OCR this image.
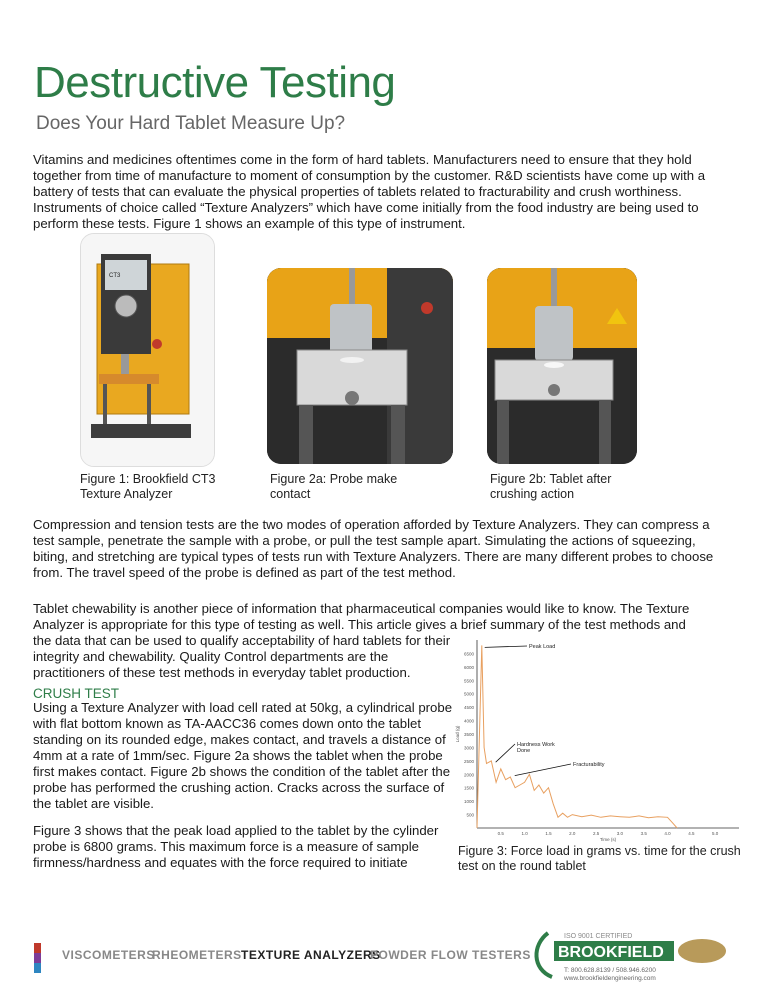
Destructive Testing
Does Your Hard Tablet Measure Up?
Vitamins and medicines oftentimes come in the form of hard tablets. Manufacturers need to ensure that they hold together from time of manufacture to moment of consumption by the customer. R&D scientists have come up with a battery of tests that can evaluate the physical properties of tablets related to fracturability and crush worthiness. Instruments of choice called “Texture Analyzers” which have come initially from the food industry are being used to perform these tests. Figure 1 shows an example of this type of instrument.
CT3
Figure 1: Brookfield CT3 Texture Analyzer
Figure 2a: Probe make contact
Figure 2b: Tablet after crushing action
Compression and tension tests are the two modes of operation afforded by Texture Analyzers. They can compress a test sample, penetrate the sample with a probe, or pull the test sample apart. Simulating the actions of squeezing, biting, and stretching are typical types of tests run with Texture Analyzers. There are many different probes to choose from. The travel speed of the probe is defined as part of the test method.
Tablet chewability is another piece of information that pharmaceutical companies would like to know. The Texture Analyzer is appropriate for this type of testing as well. This article gives a brief summary of the test methods and
the data that can be used to qualify acceptability of hard tablets for their integrity and chewability. Quality Control departments are the practitioners of these test methods in everyday tablet production.
CRUSH TEST
Using a Texture Analyzer with load cell rated at 50kg, a cylindrical probe with flat bottom known as TA-AACC36 comes down onto the tablet standing on its rounded edge, makes contact, and travels a distance of 4mm at a rate of 1mm/sec. Figure 2a shows the tablet when the probe first makes contact. Figure 2b shows the condition of the tablet after the probe has performed the crushing action. Cracks across the surface of the tablet are visible.
Figure 3 shows that the peak load applied to the tablet by the cylinder probe is 6800 grams. This maximum force is a measure of sample firmness/hardness and equates with the force required to initiate
500
1000
1500
2000
2500
3000
3500
4000
4500
5000
5500
6000
6500
0.5	1.0	1.5	2.0	2.5	3.0	3.5	4.0	4.5	5.0
Time (s)
Load (g)
Peak Load
Hardness Work
Done
Fracturability
Figure 3: Force load in grams vs. time for the crush test on the round tablet
VISCOMETERS
RHEOMETERS TEXTURE ANALYZERS
POWDER FLOW TESTERS
ISO 9001 CERTIFIED
BROOKFIELD
T: 800.628.8139 / 508.946.6200
www.brookfieldengineering.com
